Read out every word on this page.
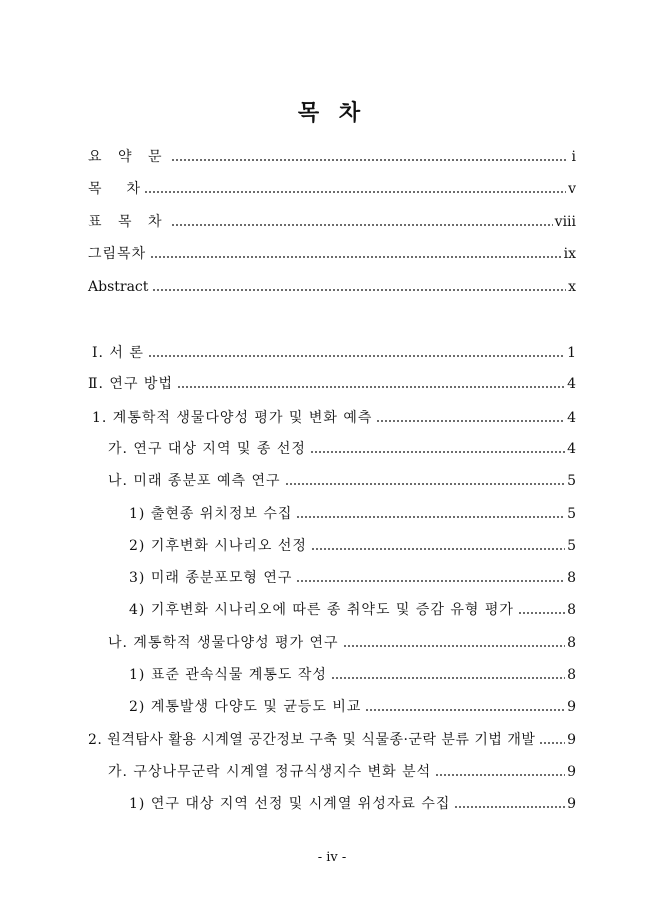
목 차
요 약 문	i
목 차	v
표 목 차	viii
그림목차	ix
Abstract	x
Ⅰ. 서 론	1
Ⅱ. 연구 방법	4
1. 계통학적 생물다양성 평가 및 변화 예측	4
가. 연구 대상 지역 및 종 선정	4
나. 미래 종분포 예측 연구	5
1) 출현종 위치정보 수집	5
2) 기후변화 시나리오 선정	5
3) 미래 종분포모형 연구	8
4) 기후변화 시나리오에 따른 종 취약도 및 증감 유형 평가	8
나. 계통학적 생물다양성 평가 연구	8
1) 표준 관속식물 계통도 작성	8
2) 계통발생 다양도 및 균등도 비교	9
2. 원격탐사 활용 시계열 공간정보 구축 및 식물종·군락 분류 기법 개발 9
가. 구상나무군락 시계열 정규식생지수 변화 분석	9
1) 연구 대상 지역 선정 및 시계열 위성자료 수집	9
- iv -
